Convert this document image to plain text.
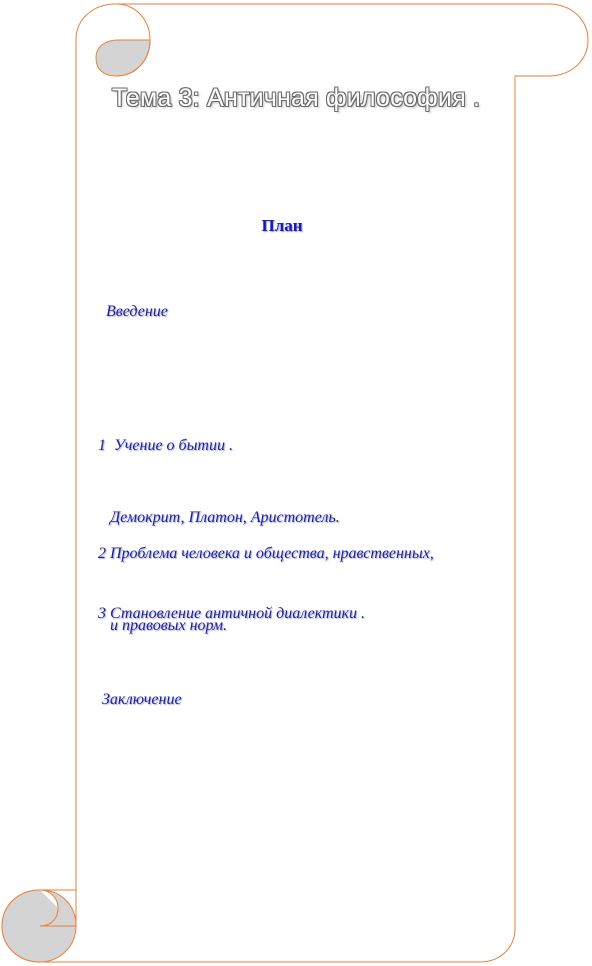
Тема 3: Античная философия .
План
Введение

1  Учение о бытии .

Демокрит, Платон, Аристотель.

2 Проблема человека и общества, нравственных,

и правовых норм.

3 Становление античной диалектики .
Заключение
